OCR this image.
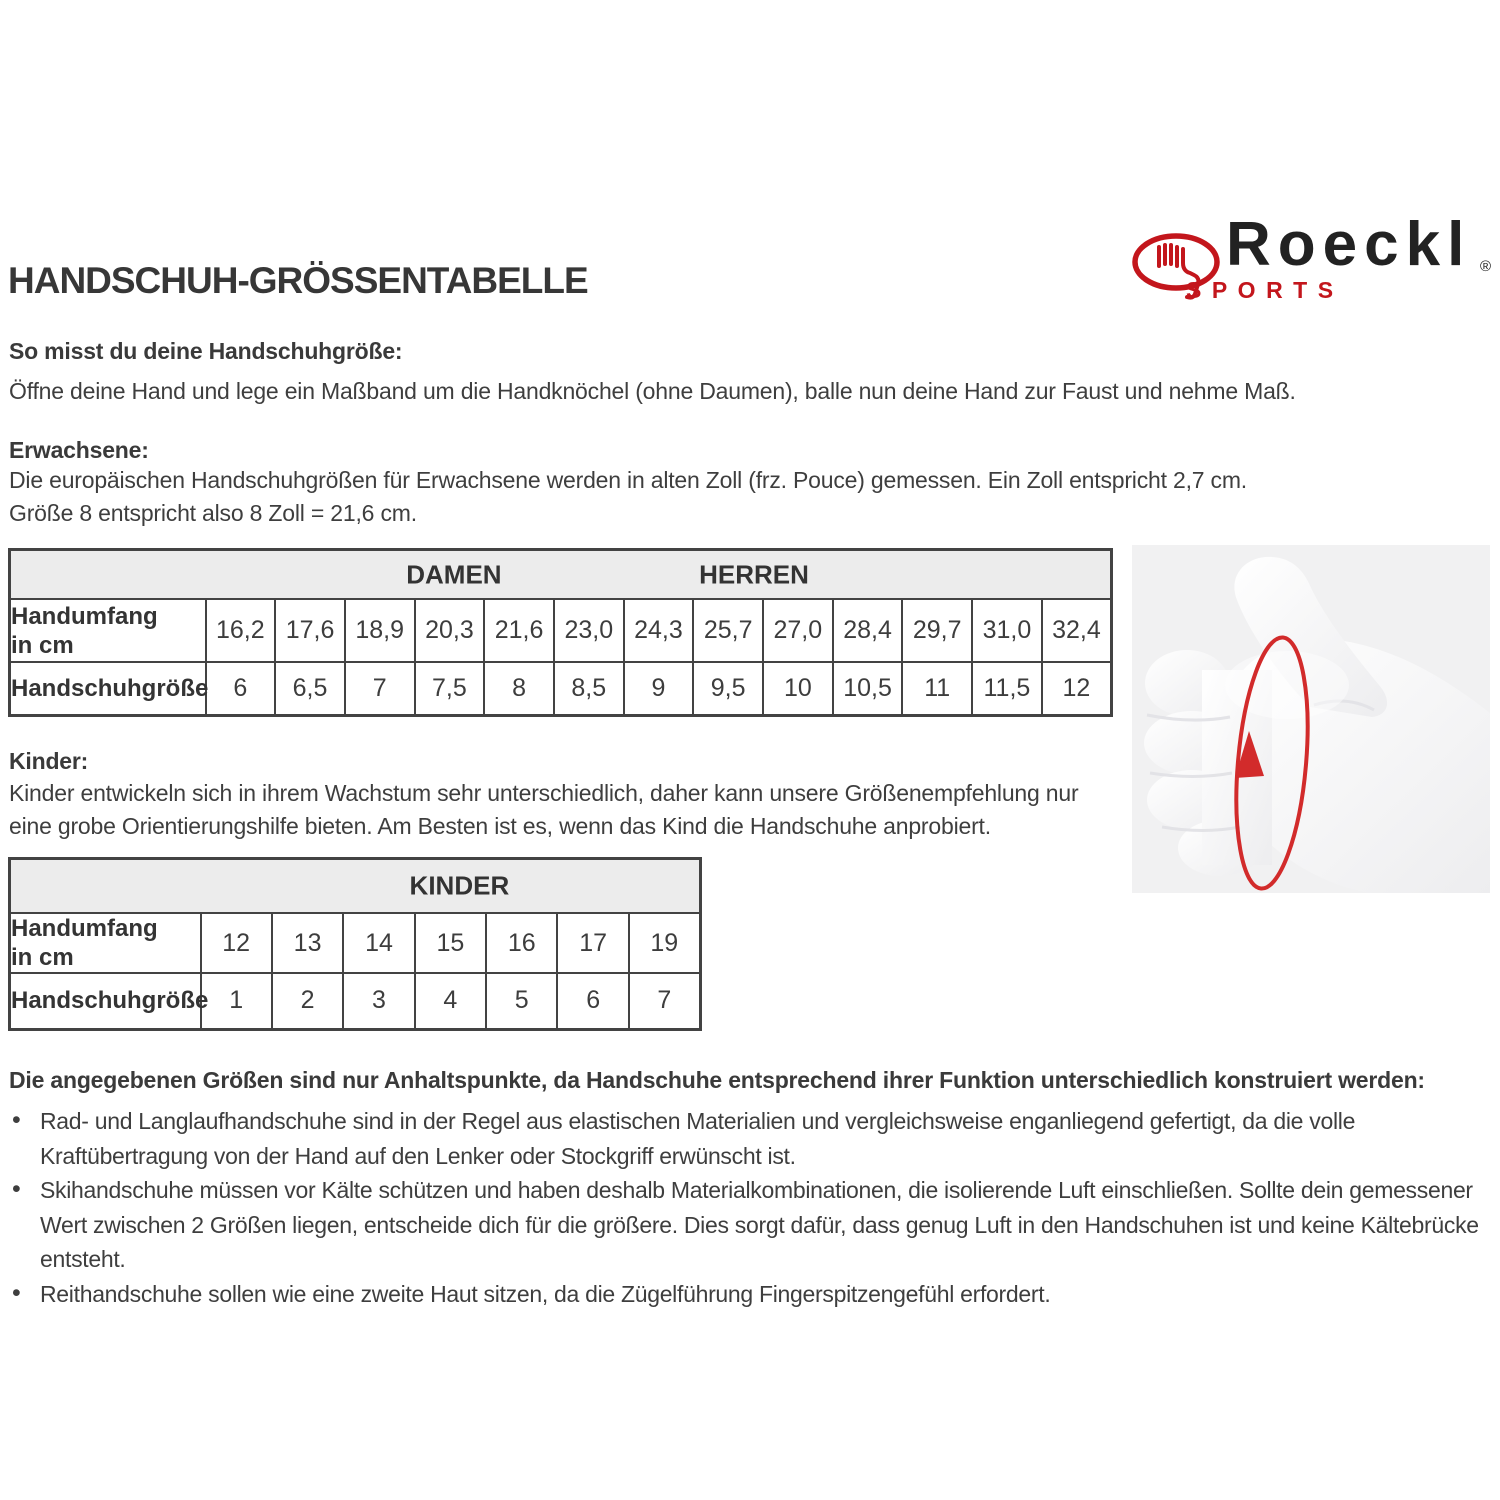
HANDSCHUH-GRÖSSENTABELLE
Roeckl ®
SPORTS

So misst du deine Handschuhgröße:

Öffne deine Hand und lege ein Maßband um die Handknöchel (ohne Daumen), balle nun deine Hand zur Faust und nehme Maß.

Erwachsene:

Die europäischen Handschuhgrößen für Erwachsene werden in alten Zoll (frz. Pouce) gemessen. Ein Zoll entspricht 2,7 cm.

Größe 8 entspricht also 8 Zoll = 21,6 cm.

DAMEN HERREN													

Handumfang
in cm	16,2	17,6	18,9	20,3	21,6	23,0	24,3	25,7	27,0	28,4	29,7	31,0	32,4
Handschuhgröße	6	6,5	7	7,5	8	8,5	9	9,5	10	10,5	11	11,5	12

Kinder:

Kinder entwickeln sich in ihrem Wachstum sehr unterschiedlich, daher kann unsere Größenempfehlung nur eine grobe Orientierungshilfe bieten. Am Besten ist es, wenn das Kind die Handschuhe anprobiert.

KINDER							

Handumfang
in cm	12	13	14	15	16	17	19
Handschuhgröße	1	2	3	4	5	6	7

Die angegebenen Größen sind nur Anhaltspunkte, da Handschuhe entsprechend ihrer Funktion unterschiedlich konstruiert werden:

• Rad- und Langlaufhandschuhe sind in der Regel aus elastischen Materialien und vergleichsweise enganliegend gefertigt, da die volle Kraftübertragung von der Hand auf den Lenker oder Stockgriff erwünscht ist.
• Skihandschuhe müssen vor Kälte schützen und haben deshalb Materialkombinationen, die isolierende Luft einschließen. Sollte dein gemessener Wert zwischen 2 Größen liegen, entscheide dich für die größere. Dies sorgt dafür, dass genug Luft in den Handschuhen ist und keine Kältebrücke entsteht.
• Reithandschuhe sollen wie eine zweite Haut sitzen, da die Zügelführung Fingerspitzengefühl erfordert.
